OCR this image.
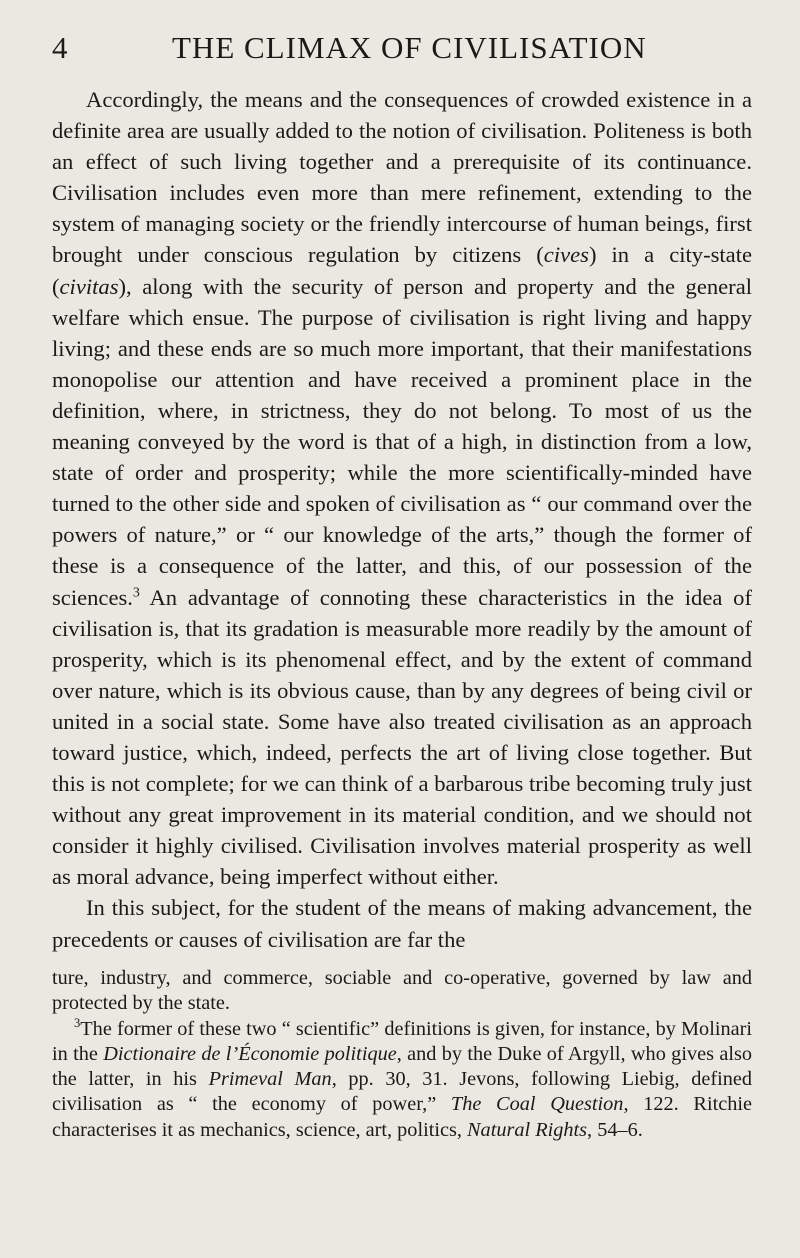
4	THE CLIMAX OF CIVILISATION

Accordingly, the means and the consequences of crowded existence in a definite area are usually added to the notion of civilisation. Politeness is both an effect of such living together and a prerequisite of its continuance. Civilisation includes even more than mere refinement, extending to the system of managing society or the friendly intercourse of human beings, first brought under conscious regulation by citizens (cives) in a city-state (civitas), along with the security of person and property and the general welfare which ensue. The purpose of civilisation is right living and happy living; and these ends are so much more important, that their manifestations monopolise our attention and have received a prominent place in the definition, where, in strictness, they do not belong. To most of us the meaning conveyed by the word is that of a high, in distinction from a low, state of order and prosperity; while the more scientifically-minded have turned to the other side and spoken of civilisation as “ our command over the powers of nature,” or “ our knowledge of the arts,” though the former of these is a consequence of the latter, and this, of our possession of the sciences.$^3$ An advantage of connoting these characteristics in the idea of civilisation is, that its gradation is measurable more readily by the amount of prosperity, which is its phenomenal effect, and by the extent of command over nature, which is its obvious cause, than by any degrees of being civil or united in a social state. Some have also treated civilisation as an approach toward justice, which, indeed, perfects the art of living close together. But this is not complete; for we can think of a barbarous tribe becoming truly just without any great improvement in its material condition, and we should not consider it highly civilised. Civilisation involves material prosperity as well as moral advance, being imperfect without either.

In this subject, for the student of the means of making advancement, the precedents or causes of civilisation are far the

ture, industry, and commerce, sociable and co-operative, governed by law and protected by the state.

$^3$The former of these two “ scientific” definitions is given, for instance, by Molinari in the Dictionaire de l’Économie politique, and by the Duke of Argyll, who gives also the latter, in his Primeval Man, pp. 30, 31. Jevons, following Liebig, defined civilisation as “ the economy of power,” The Coal Question, 122. Ritchie characterises it as mechanics, science, art, politics, Natural Rights, 54–6.
